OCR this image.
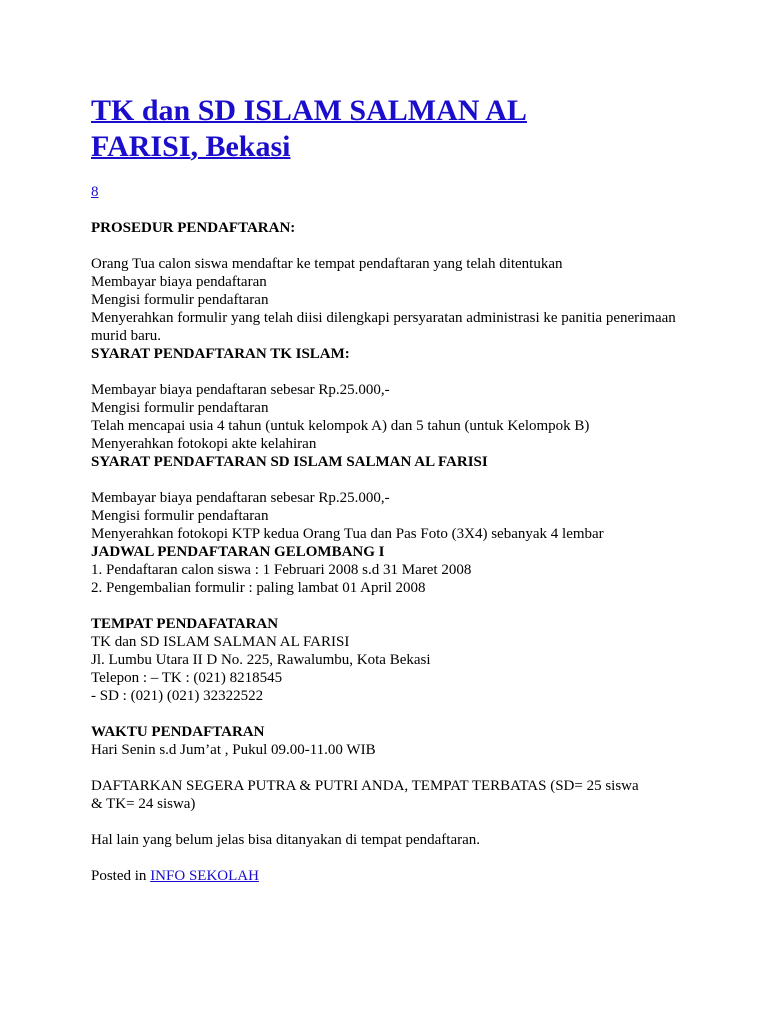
TK dan SD ISLAM SALMAN AL FARISI, Bekasi
8
PROSEDUR PENDAFTARAN:
Orang Tua calon siswa mendaftar ke tempat pendaftaran yang telah ditentukan
Membayar biaya pendaftaran
Mengisi formulir pendaftaran
Menyerahkan formulir yang telah diisi dilengkapi persyaratan administrasi ke panitia penerimaan murid baru.
SYARAT PENDAFTARAN TK ISLAM:
Membayar biaya pendaftaran sebesar Rp.25.000,-
Mengisi formulir pendaftaran
Telah mencapai usia 4 tahun (untuk kelompok A) dan 5 tahun (untuk Kelompok B)
Menyerahkan fotokopi akte kelahiran
SYARAT PENDAFTARAN SD ISLAM SALMAN AL FARISI
Membayar biaya pendaftaran sebesar Rp.25.000,-
Mengisi formulir pendaftaran
Menyerahkan fotokopi KTP kedua Orang Tua dan Pas Foto (3X4) sebanyak 4 lembar
JADWAL PENDAFTARAN GELOMBANG I
1. Pendaftaran calon siswa : 1 Februari 2008 s.d 31 Maret 2008
2. Pengembalian formulir : paling lambat 01 April 2008
TEMPAT PENDAFATARAN
TK dan SD ISLAM SALMAN AL FARISI
Jl. Lumbu Utara II D No. 225, Rawalumbu, Kota Bekasi
Telepon : – TK : (021) 8218545
- SD : (021) (021) 32322522
WAKTU PENDAFTARAN
Hari Senin s.d Jum’at , Pukul 09.00-11.00 WIB
DAFTARKAN SEGERA PUTRA & PUTRI ANDA, TEMPAT TERBATAS (SD= 25 siswa & TK= 24 siswa)
Hal lain yang belum jelas bisa ditanyakan di tempat pendaftaran.
Posted in INFO SEKOLAH
